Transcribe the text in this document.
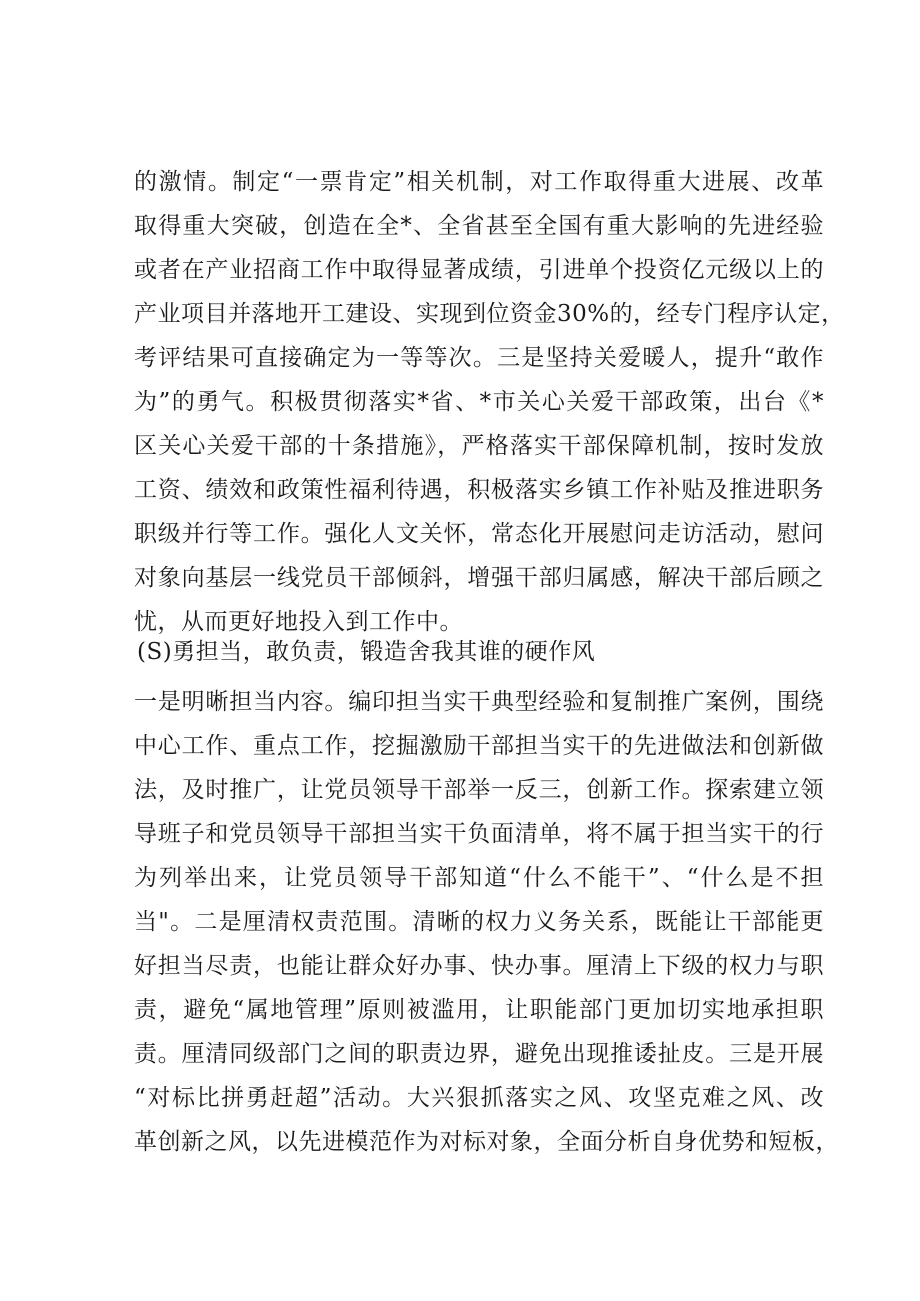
的激情。制定“一票肯定”相关机制，对工作取得重大进展、改革
取得重大突破，创造在全*、全省甚至全国有重大影响的先进经验
或者在产业招商工作中取得显著成绩，引进单个投资亿元级以上的
产业项目并落地开工建设、实现到位资金30%的，经专门程序认定，
考评结果可直接确定为一等等次。三是坚持关爱暖人，提升“敢作
为”的勇气。积极贯彻落实*省、*市关心关爱干部政策，出台《*
区关心关爱干部的十条措施》，严格落实干部保障机制，按时发放
工资、绩效和政策性福利待遇，积极落实乡镇工作补贴及推进职务
职级并行等工作。强化人文关怀，常态化开展慰问走访活动，慰问
对象向基层一线党员干部倾斜，增强干部归属感，解决干部后顾之
忧，从而更好地投入到工作中。
(S)勇担当，敢负责，锻造舍我其谁的硬作风
一是明晰担当内容。编印担当实干典型经验和复制推广案例，围绕
中心工作、重点工作，挖掘激励干部担当实干的先进做法和创新做
法，及时推广，让党员领导干部举一反三，创新工作。探索建立领
导班子和党员领导干部担当实干负面清单，将不属于担当实干的行
为列举出来，让党员领导干部知道“什么不能干”、“什么是不担
当"。二是厘清权责范围。清晰的权力义务关系，既能让干部能更
好担当尽责，也能让群众好办事、快办事。厘清上下级的权力与职
责，避免“属地管理”原则被滥用，让职能部门更加切实地承担职
责。厘清同级部门之间的职责边界，避免出现推诿扯皮。三是开展
“对标比拼勇赶超”活动。大兴狠抓落实之风、攻坚克难之风、改
革创新之风，以先进模范作为对标对象，全面分析自身优势和短板，
